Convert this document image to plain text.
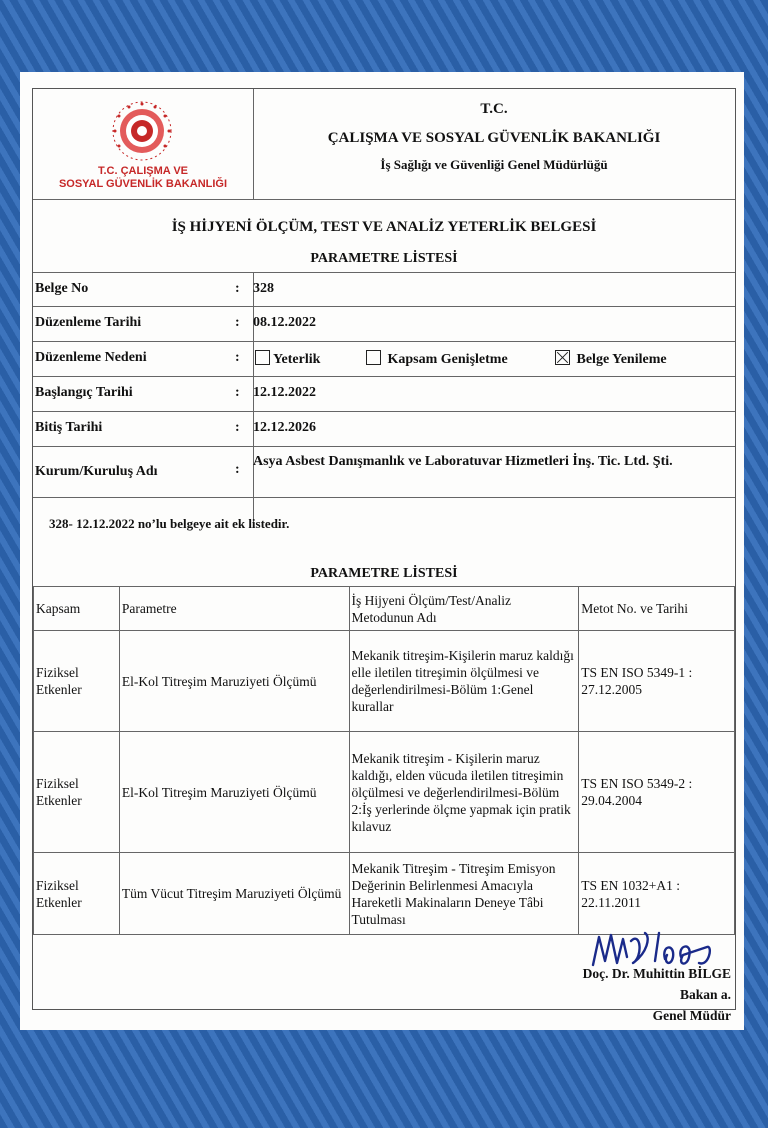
T.C. ÇALIŞMA VE
SOSYAL GÜVENLİK BAKANLIĞI
T.C.
ÇALIŞMA VE SOSYAL GÜVENLİK BAKANLIĞI
İş Sağlığı ve Güvenliği Genel Müdürlüğü
İŞ HİJYENİ ÖLÇÜM, TEST VE ANALİZ YETERLİK BELGESİ
PARAMETRE LİSTESİ
Belge No	: 328
Düzenleme Tarihi	: 08.12.2022
Düzenleme Nedeni	:	Yeterlik	Kapsam Genişletme	Belge Yenileme
Başlangıç Tarihi	: 12.12.2022
Bitiş Tarihi	: 12.12.2026
Kurum/Kuruluş Adı	:
Asya Asbest Danışmanlık ve Laboratuvar Hizmetleri İnş. Tic. Ltd. Şti.
328- 12.12.2022 no’lu belgeye ait ek listedir.
PARAMETRE LİSTESİ
Kapsam	Parametre	İş Hijyeni Ölçüm/Test/Analiz Metodunun Adı	Metot No. ve Tarihi
Fiziksel Etkenler	El-Kol Titreşim Maruziyeti Ölçümü	Mekanik titreşim-Kişilerin maruz kaldığı elle iletilen titreşimin ölçülmesi ve değerlendirilmesi-Bölüm 1:Genel kurallar	TS EN ISO 5349-1 : 27.12.2005
Fiziksel Etkenler	El-Kol Titreşim Maruziyeti Ölçümü	Mekanik titreşim - Kişilerin maruz kaldığı, elden vücuda iletilen titreşimin ölçülmesi ve değerlendirilmesi-Bölüm 2:İş yerlerinde ölçme yapmak için pratik kılavuz	TS EN ISO 5349-2 : 29.04.2004
Fiziksel Etkenler	Tüm Vücut Titreşim Maruziyeti Ölçümü	Mekanik Titreşim - Titreşim Emisyon Değerinin Belirlenmesi Amacıyla Hareketli Makinaların Deneye Tâbi Tutulması	TS EN 1032+A1 : 22.11.2011
Doç. Dr. Muhittin BİLGE
Bakan a.
Genel Müdür
